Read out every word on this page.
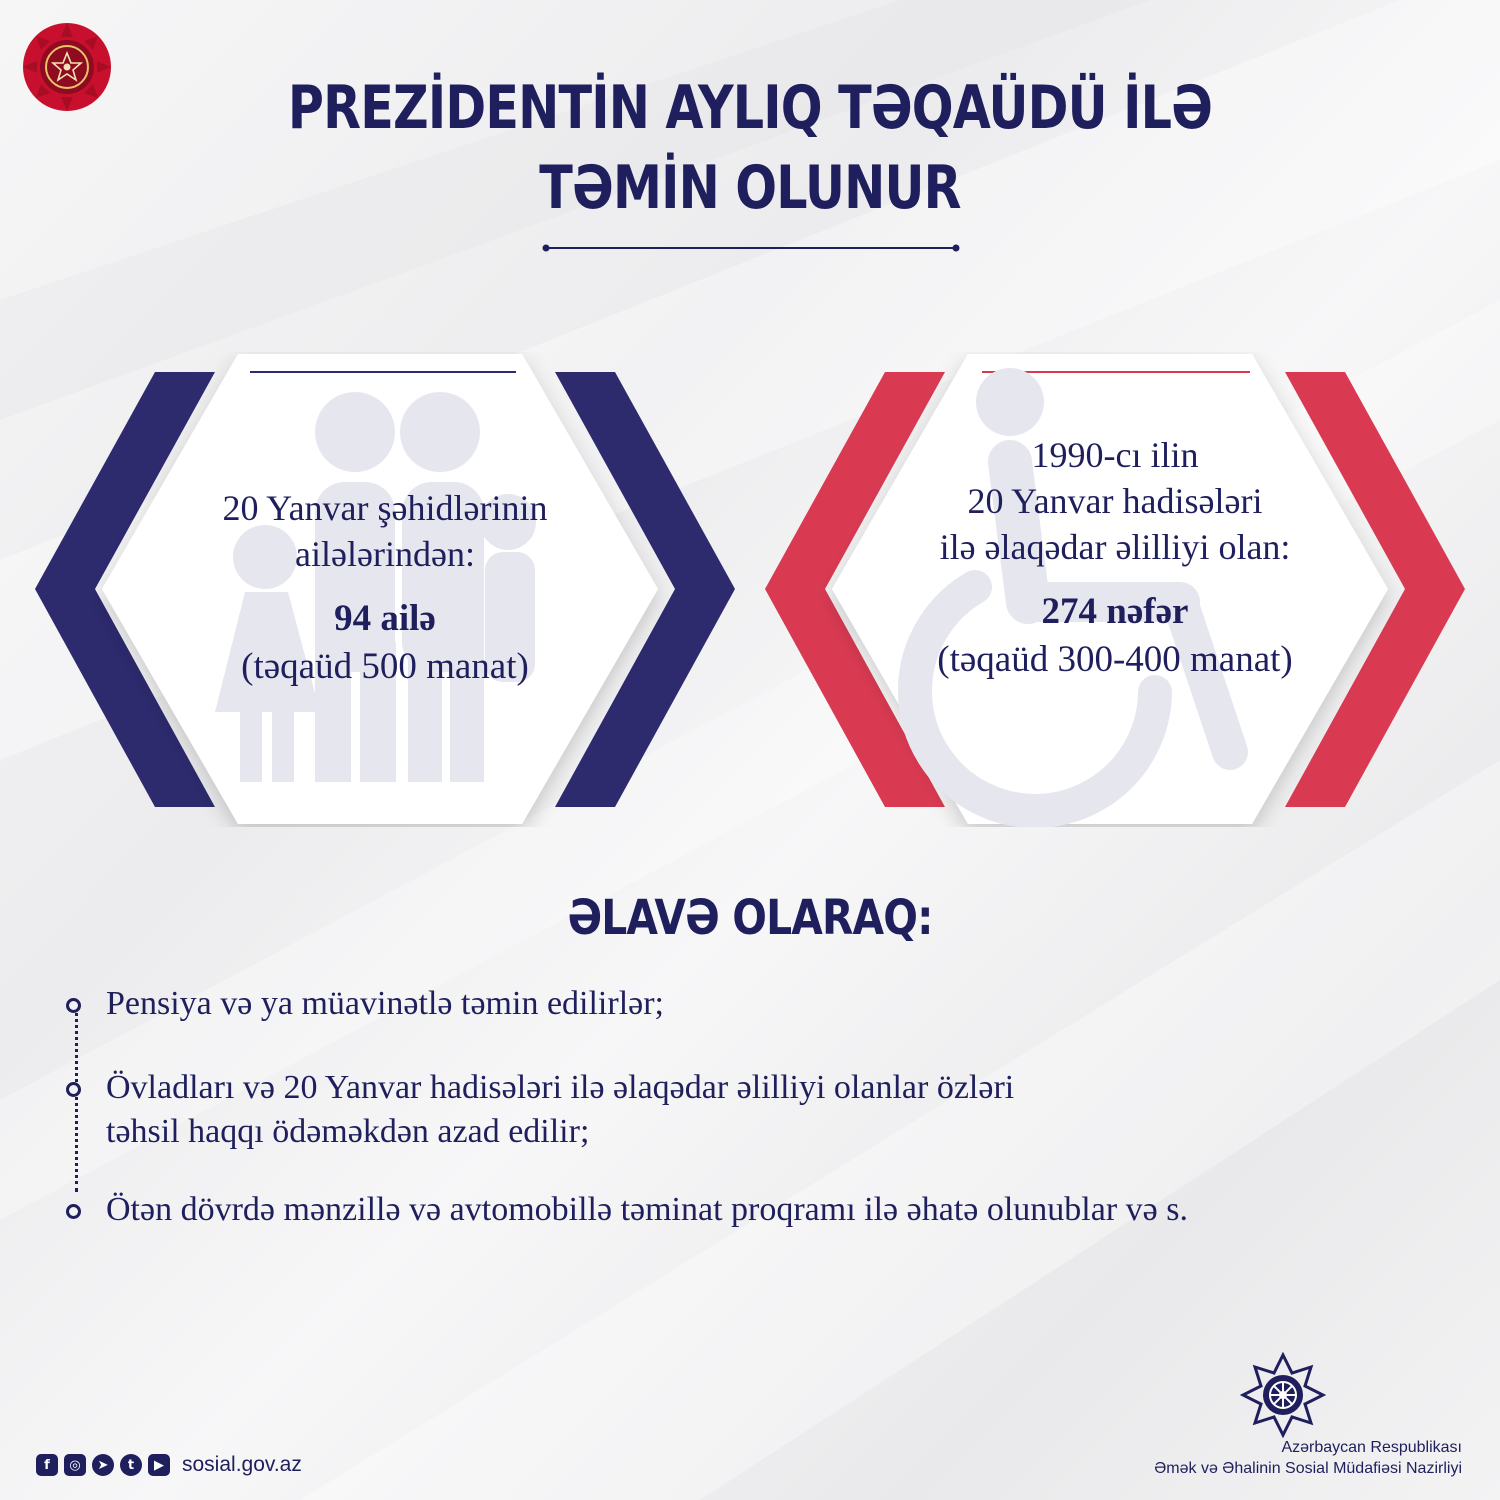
PREZİDENTİN AYLIQ TƏQAÜDÜ İLƏ
TƏMİN OLUNUR
20 Yanvar şəhidlərinin
ailələrindən:
94 ailə
(təqaüd 500 manat)
1990-cı ilin
20 Yanvar hadisələri
ilə əlaqədar əlilliyi olan:
274 nəfər
(təqaüd 300-400 manat)
ƏLAVƏ OLARAQ:
Pensiya və ya müavinətlə təmin edilirlər;
Övladları və 20 Yanvar hadisələri ilə əlaqədar əlilliyi olanlar özləri
təhsil haqqı ödəməkdən azad edilir;
Ötən dövrdə mənzillə və avtomobillə təminat proqramı ilə əhatə olunublar və s.
f	◎	➤	t	▶ sosial.gov.az
Azərbaycan Respublikası
Əmək və Əhalinin Sosial Müdafiəsi Nazirliyi
